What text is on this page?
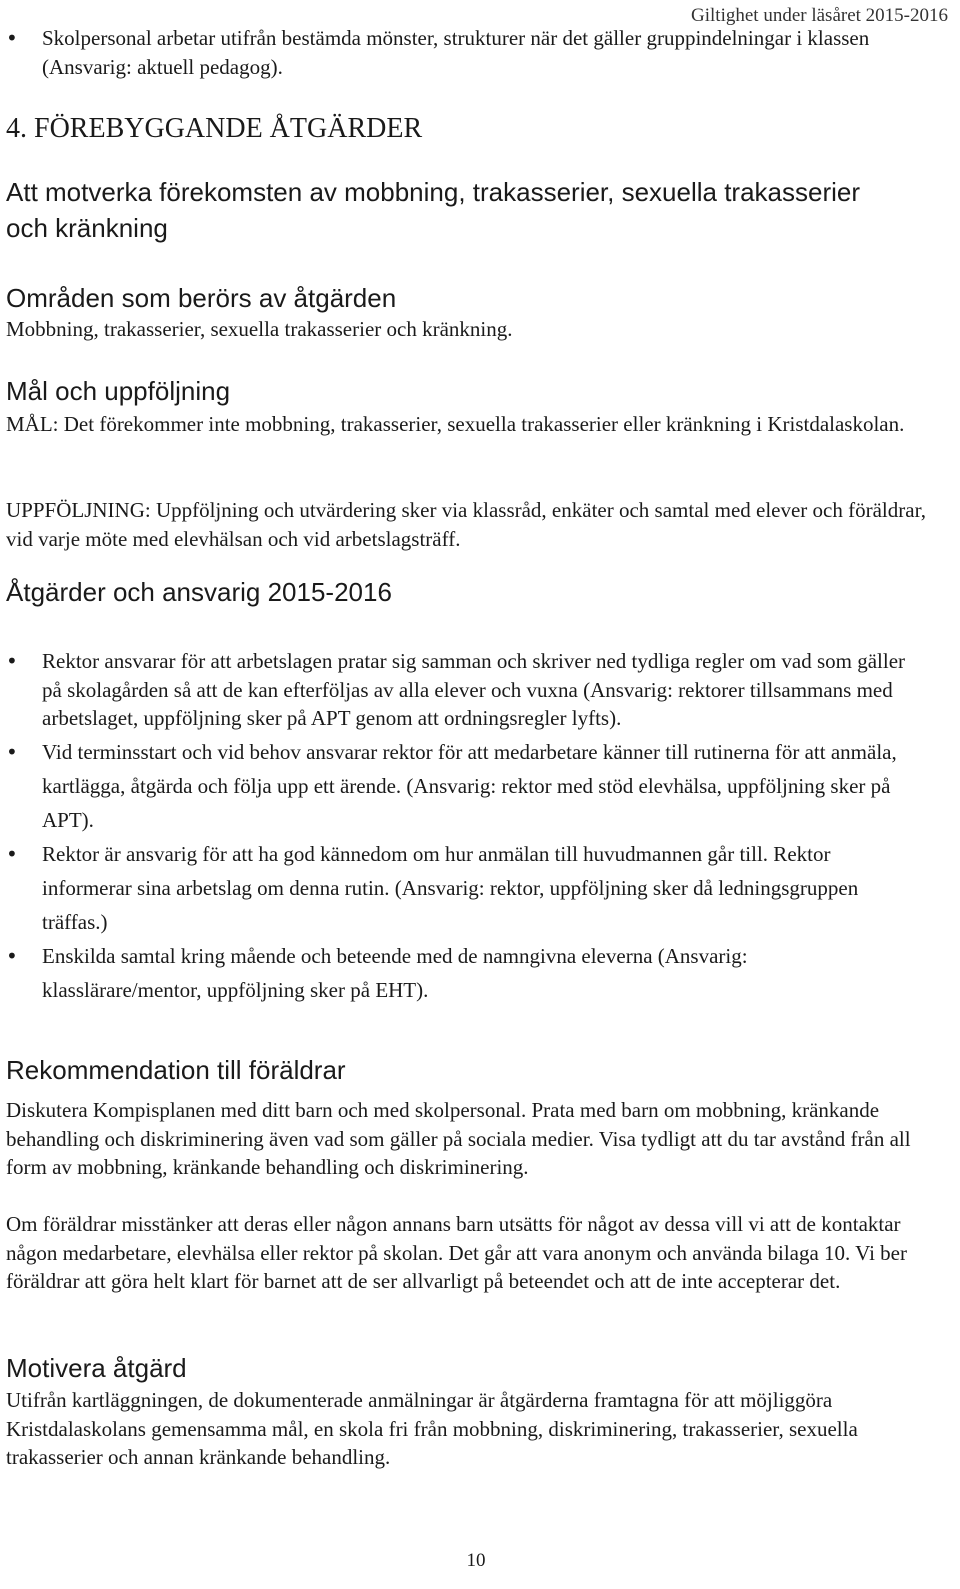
Giltighet under läsåret 2015-2016
• Skolpersonal arbetar utifrån bestämda mönster, strukturer när det gäller gruppindelningar i klassen (Ansvarig: aktuell pedagog).
4. FÖREBYGGANDE ÅTGÄRDER
Att motverka förekomsten av mobbning, trakasserier, sexuella trakasserier och kränkning
Områden som berörs av åtgärden

Mobbning, trakasserier, sexuella trakasserier och kränkning.

Mål och uppföljning

MÅL: Det förekommer inte mobbning, trakasserier, sexuella trakasserier eller kränkning i Kristdalaskolan.

UPPFÖLJNING: Uppföljning och utvärdering sker via klassråd, enkäter och samtal med elever och föräldrar, vid varje möte med elevhälsan och vid arbetslagsträff.

Åtgärder och ansvarig 2015-2016
• Rektor ansvarar för att arbetslagen pratar sig samman och skriver ned tydliga regler om vad som gäller på skolagården så att de kan efterföljas av alla elever och vuxna (Ansvarig: rektorer tillsammans med arbetslaget, uppföljning sker på APT genom att ordningsregler lyfts).
• Vid terminsstart och vid behov ansvarar rektor för att medarbetare känner till rutinerna för att anmäla, kartlägga, åtgärda och följa upp ett ärende. (Ansvarig: rektor med stöd elevhälsa, uppföljning sker på APT).
• Rektor är ansvarig för att ha god kännedom om hur anmälan till huvudmannen går till. Rektor informerar sina arbetslag om denna rutin. (Ansvarig: rektor, uppföljning sker då ledningsgruppen träffas.)
• Enskilda samtal kring mående och beteende med de namngivna eleverna (Ansvarig: klasslärare/mentor, uppföljning sker på EHT).
Rekommendation till föräldrar

Diskutera Kompisplanen med ditt barn och med skolpersonal. Prata med barn om mobbning, kränkande behandling och diskriminering även vad som gäller på sociala medier. Visa tydligt att du tar avstånd från all form av mobbning, kränkande behandling och diskriminering.

Om föräldrar misstänker att deras eller någon annans barn utsätts för något av dessa vill vi att de kontaktar någon medarbetare, elevhälsa eller rektor på skolan. Det går att vara anonym och använda bilaga 10. Vi ber föräldrar att göra helt klart för barnet att de ser allvarligt på beteendet och att de inte accepterar det.

Motivera åtgärd

Utifrån kartläggningen, de dokumenterade anmälningar är åtgärderna framtagna för att möjliggöra Kristdalaskolans gemensamma mål, en skola fri från mobbning, diskriminering, trakasserier, sexuella trakasserier och annan kränkande behandling.

10
